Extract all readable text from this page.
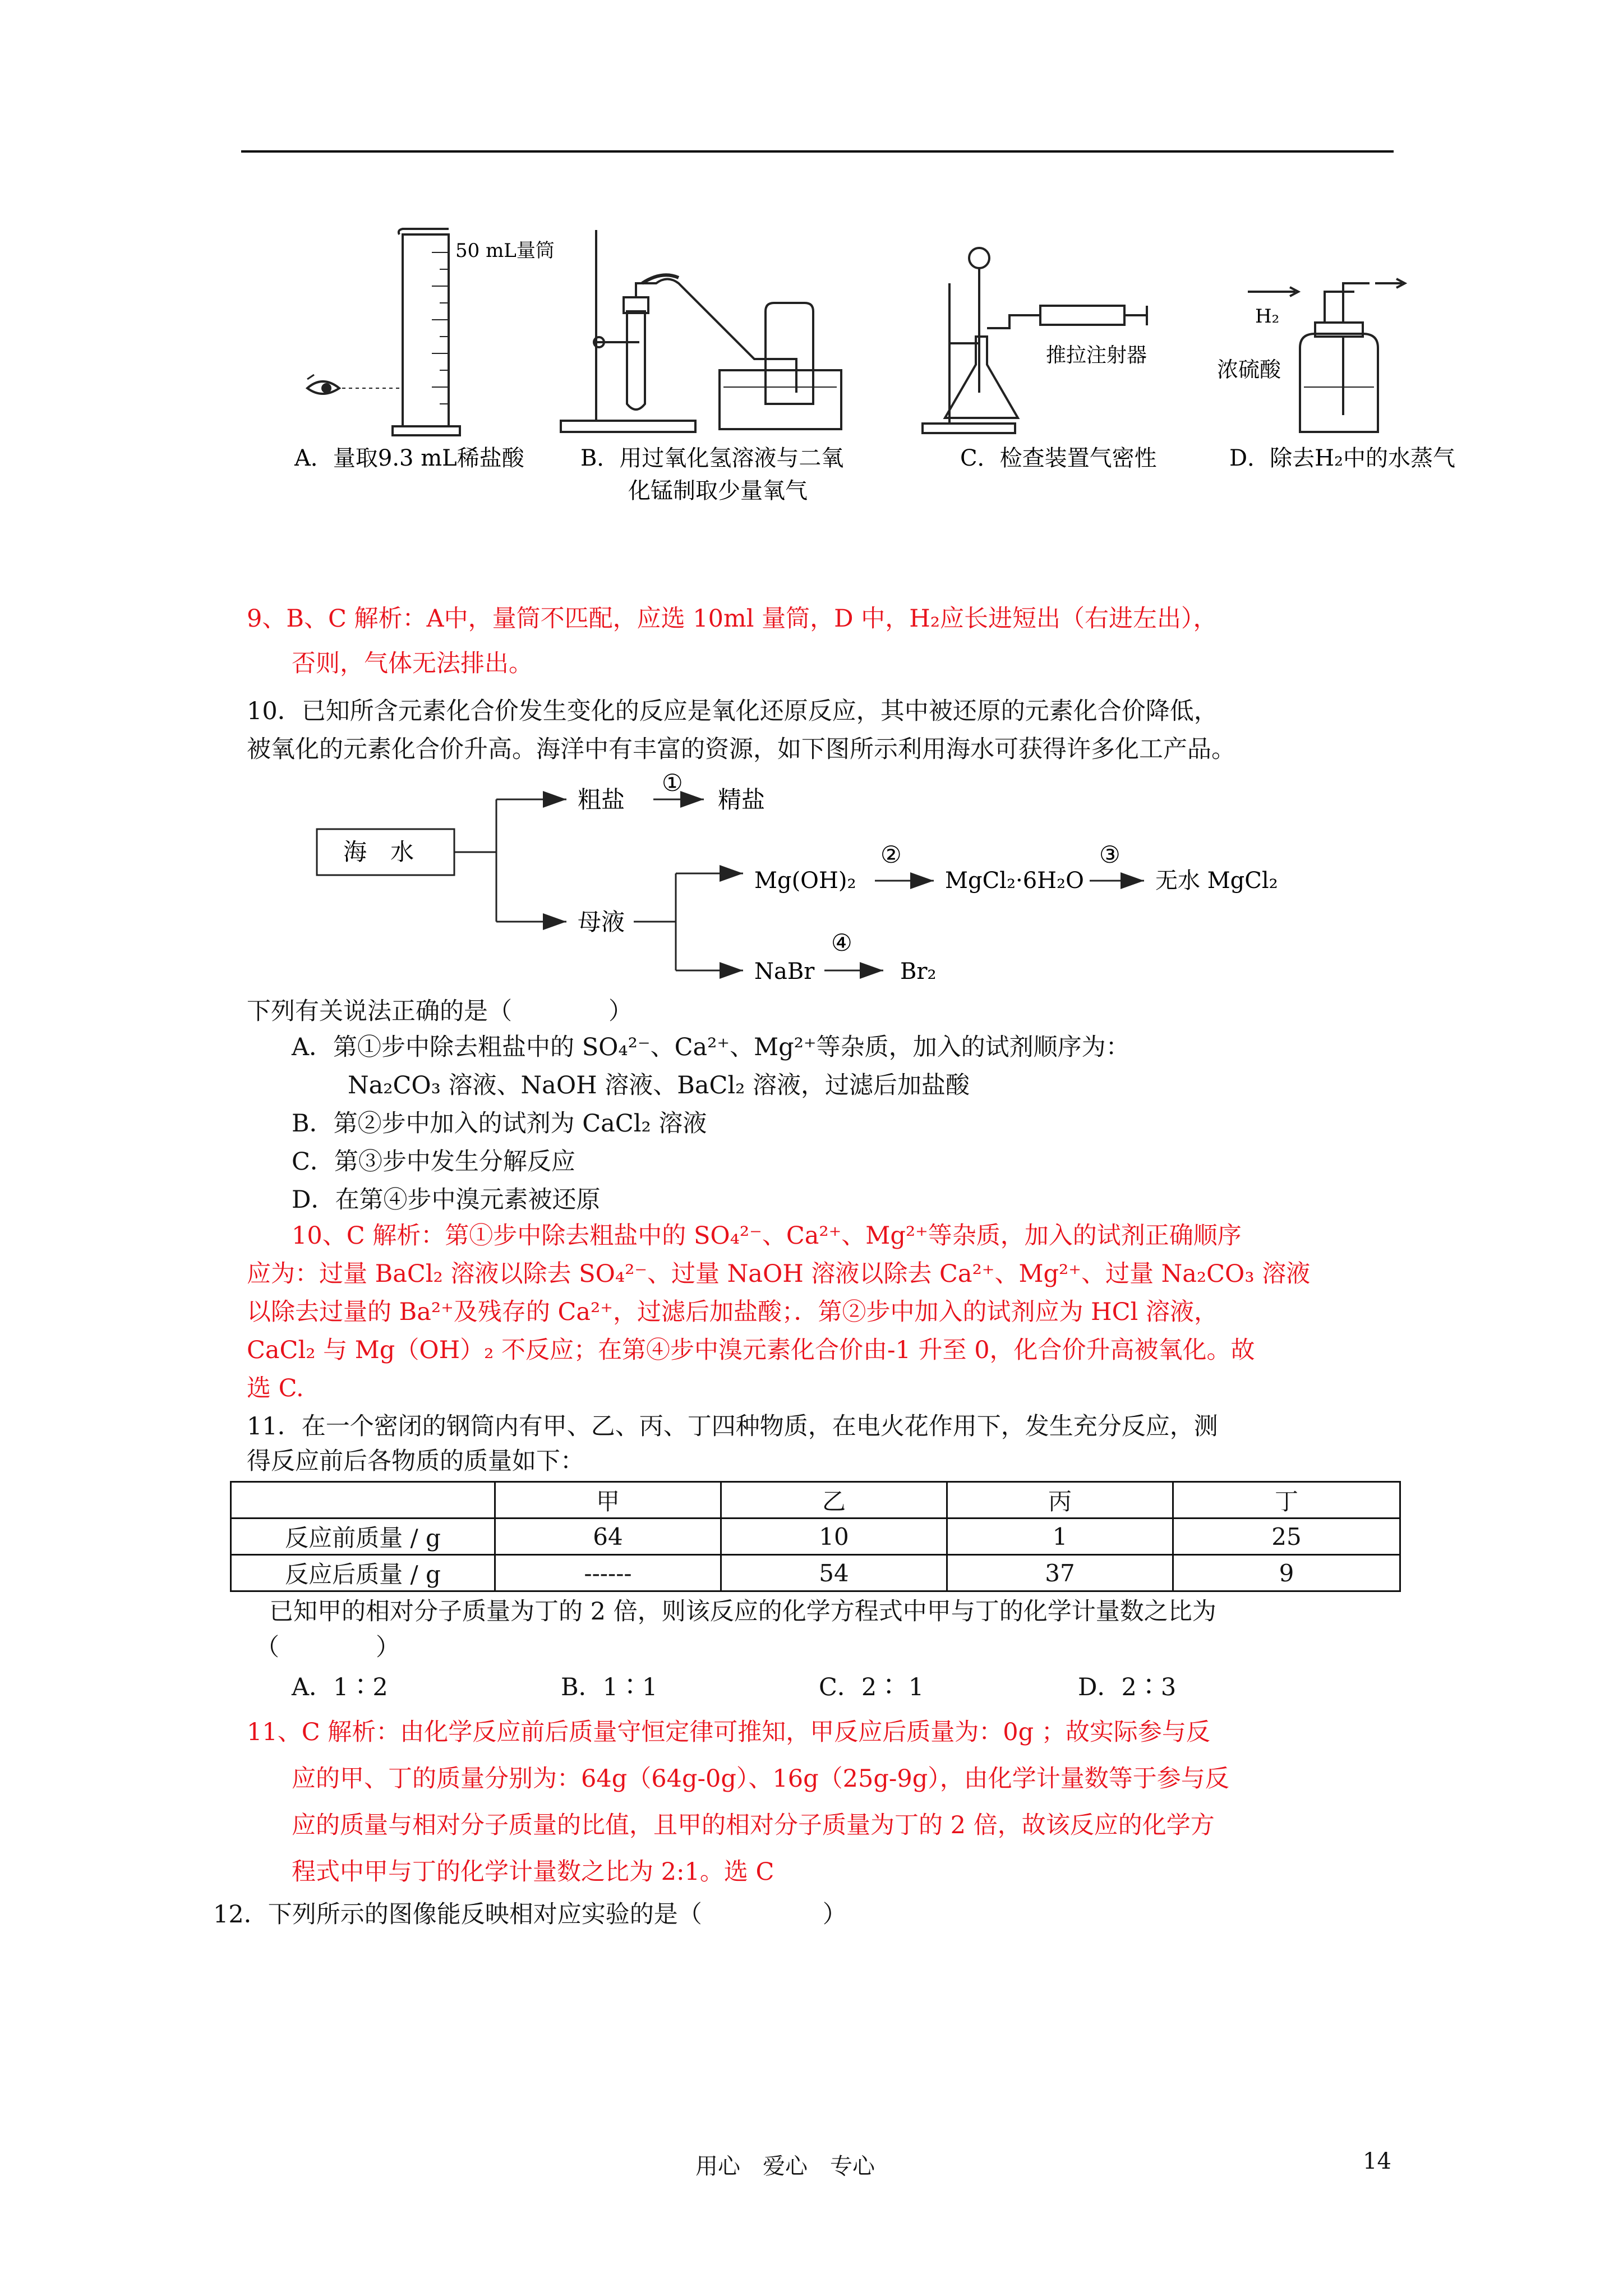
50 mL量筒
推拉注射器
H₂
浓硫酸
A．量取9.3 mL稀盐酸	B．用过氧化氢溶液与二氧
化锰制取少量氧气
C．检查装置气密性	D．除去H₂中的水蒸气
9、B、C 解析：A中，量筒不匹配，应选 10ml 量筒，D 中，H₂应长进短出（右进左出），
否则，气体无法排出。
10．已知所含元素化合价发生变化的反应是氧化还原反应，其中被还原的元素化合价降低，
被氧化的元素化合价升高。海洋中有丰富的资源，如下图所示利用海水可获得许多化工产品。
海　水
粗盐
①
精盐
母液
Mg(OH)₂
②
MgCl₂·6H₂O
③
无水 MgCl₂
NaBr
④
Br₂
下列有关说法正确的是（　　　　）
A．第①步中除去粗盐中的 SO₄²⁻、Ca²⁺、Mg²⁺等杂质，加入的试剂顺序为：
Na₂CO₃ 溶液、NaOH 溶液、BaCl₂ 溶液，过滤后加盐酸
B．第②步中加入的试剂为 CaCl₂ 溶液
C．第③步中发生分解反应
D．在第④步中溴元素被还原
10、C 解析：第①步中除去粗盐中的 SO₄²⁻、Ca²⁺、Mg²⁺等杂质，加入的试剂正确顺序
应为：过量 BaCl₂ 溶液以除去 SO₄²⁻、过量 NaOH 溶液以除去 Ca²⁺、Mg²⁺、过量 Na₂CO₃ 溶液
以除去过量的 Ba²⁺及残存的 Ca²⁺，过滤后加盐酸；．第②步中加入的试剂应为 HCl 溶液，
CaCl₂ 与 Mg（OH）₂ 不反应；在第④步中溴元素化合价由-1 升至 0，化合价升高被氧化。故
选 C.
11．在一个密闭的钢筒内有甲、乙、丙、丁四种物质，在电火花作用下，发生充分反应，测
得反应前后各物质的质量如下：
	甲	乙	丙	丁
反应前质量 / g	64	10	1	25
反应后质量 / g	------	54	37	9
已知甲的相对分子质量为丁的 2 倍，则该反应的化学方程式中甲与丁的化学计量数之比为
（　　　　）
A．1∶2	B．1∶1	C．2∶ 1	D．2∶3
11、C 解析：由化学反应前后质量守恒定律可推知，甲反应后质量为：0g ；故实际参与反
应的甲、丁的质量分别为：64g（64g-0g）、16g（25g-9g），由化学计量数等于参与反
应的质量与相对分子质量的比值，且甲的相对分子质量为丁的 2 倍，故该反应的化学方
程式中甲与丁的化学计量数之比为 2:1。选 C
12．下列所示的图像能反映相对应实验的是（　　　　　）
用心　爱心　专心	14
